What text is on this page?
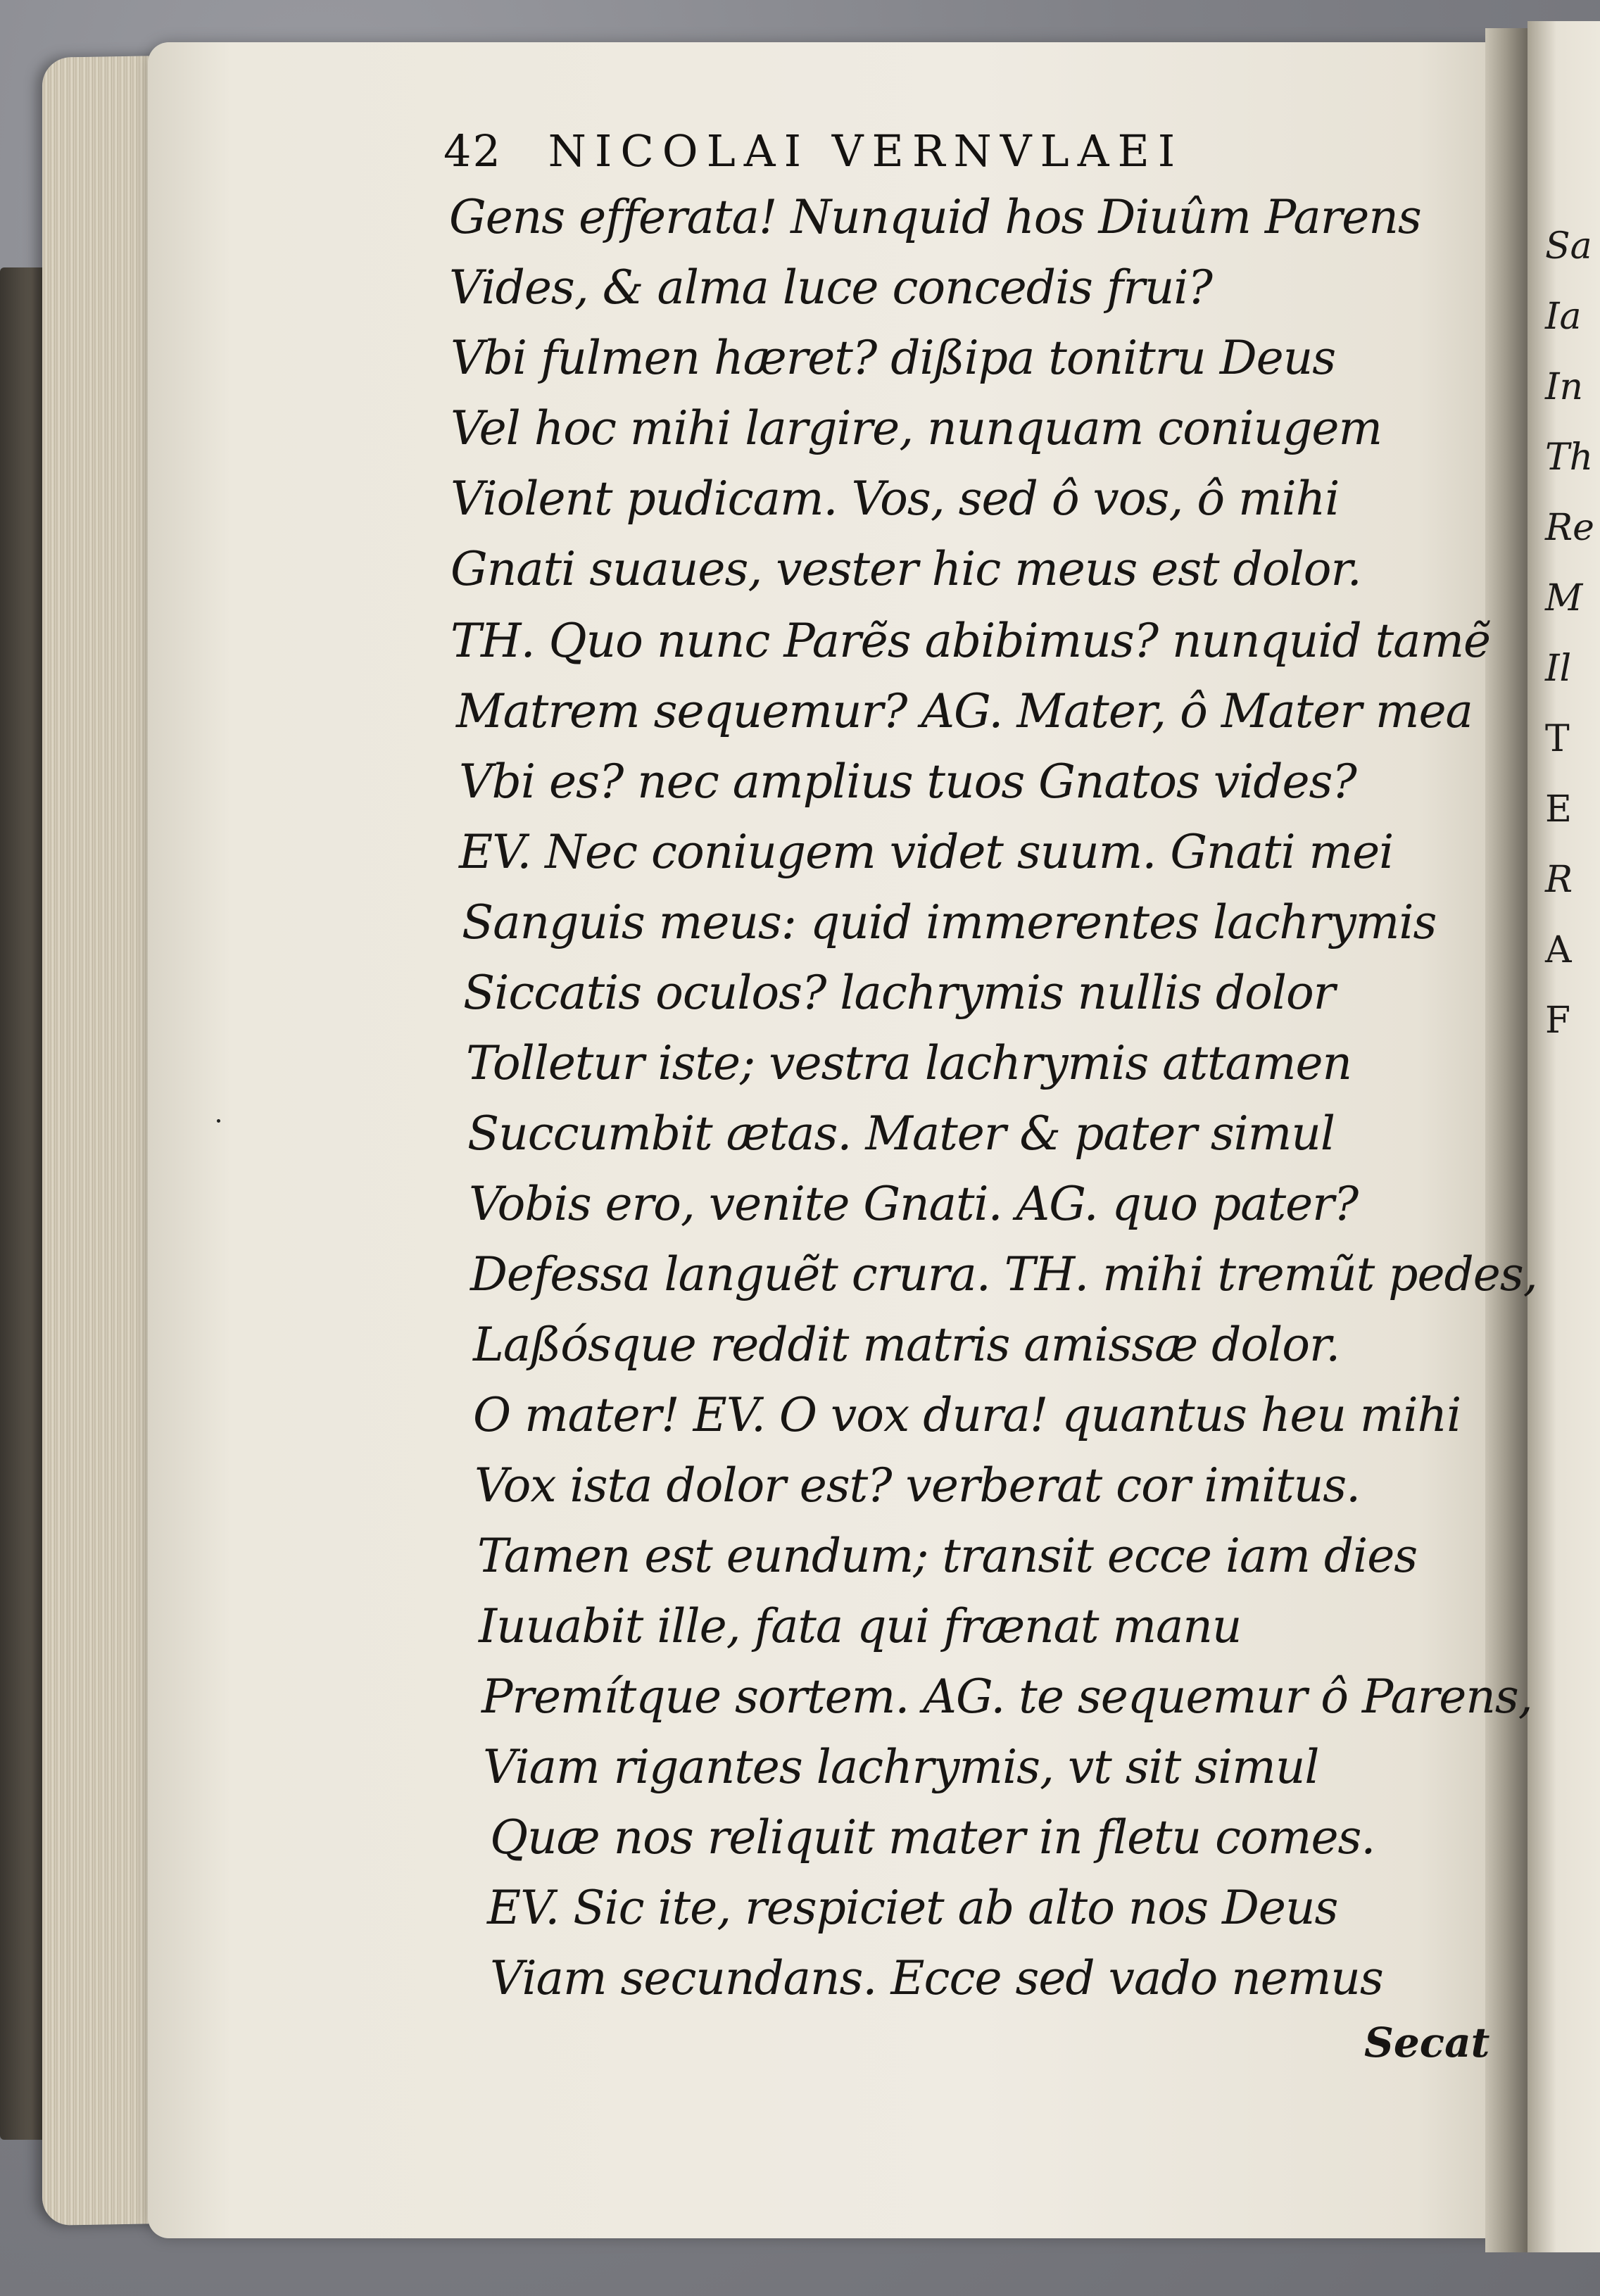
42 NICOLAI VERNVLAEI
Gens efferata! Nunquid hos Diuûm Parens
Vides, & alma luce concedis frui?
Vbi fulmen hæret? dißipa tonitru Deus
Vel hoc mihi largire, nunquam coniugem
Violent pudicam. Vos, sed ô vos, ô mihi
Gnati suaues, vester hic meus est dolor.
TH. Quo nunc Parẽs abibimus? nunquid tamẽ
Matrem sequemur? AG. Mater, ô Mater mea
Vbi es? nec amplius tuos Gnatos vides?
EV. Nec coniugem videt suum. Gnati mei
Sanguis meus: quid immerentes lachrymis
Siccatis oculos? lachrymis nullis dolor
Tolletur iste; vestra lachrymis attamen
Succumbit ætas. Mater & pater simul
Vobis ero, venite Gnati. AG. quo pater?
Defessa languẽt crura. TH. mihi tremũt pedes,
Laßósque reddit matris amissæ dolor.
O mater! EV. O vox dura! quantus heu mihi
Vox ista dolor est? verberat cor imitus.
Tamen est eundum; transit ecce iam dies
Iuuabit ille, fata qui frænat manu
Premítque sortem. AG. te sequemur ô Parens,
Viam rigantes lachrymis, vt sit simul
Quæ nos reliquit mater in fletu comes.
EV. Sic ite, respiciet ab alto nos Deus
Viam secundans. Ecce sed vado nemus
Secat
Sa
Ia
In
Th
Re
M
Il
T
E
R
A
F
